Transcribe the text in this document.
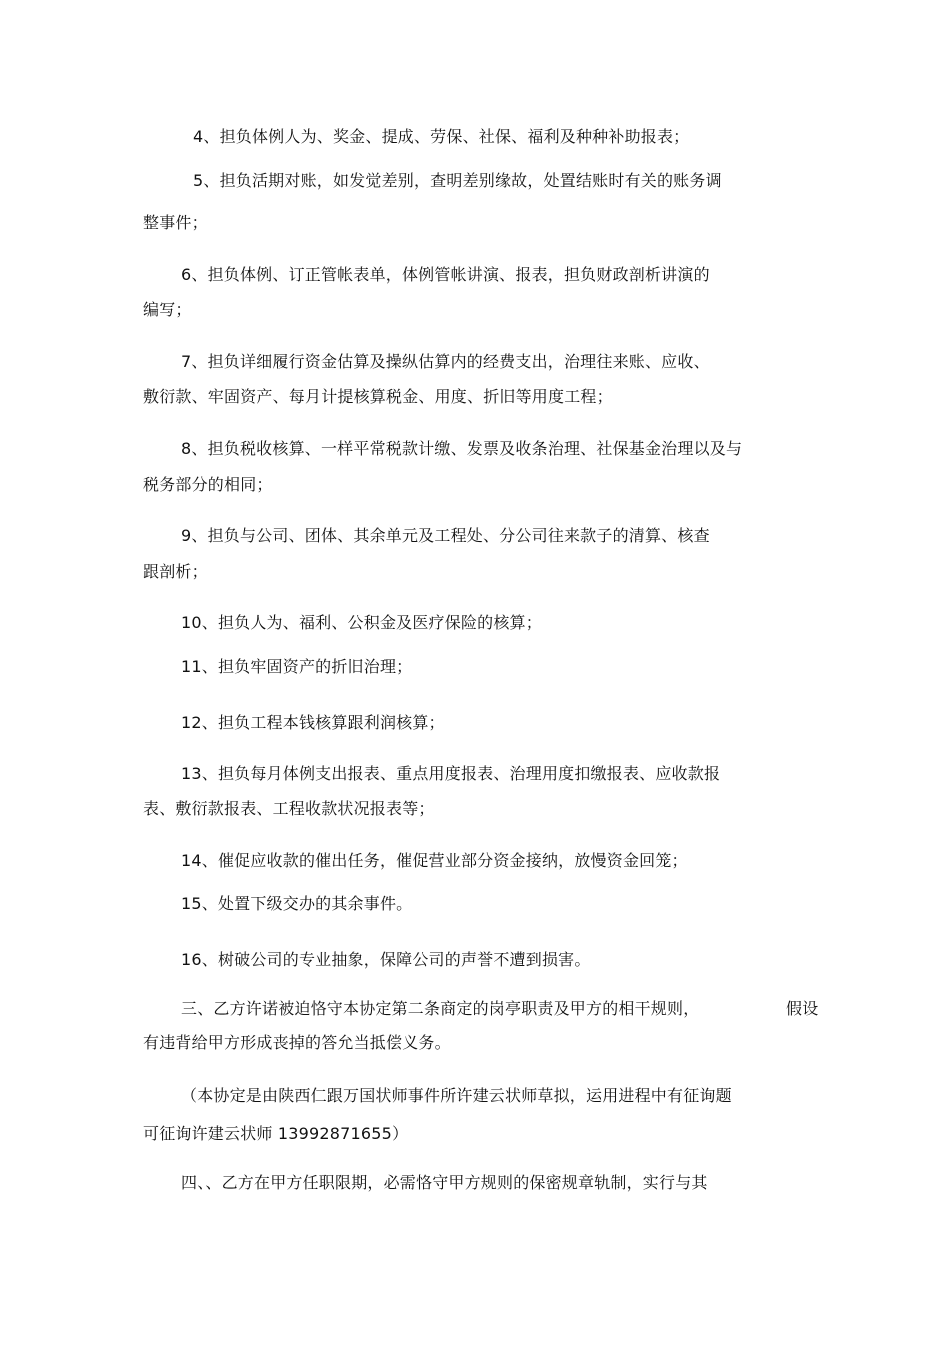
4、担负体例人为、奖金、提成、劳保、社保、福利及种种补助报表；
5、担负活期对账，如发觉差别，查明差别缘故，处置结账时有关的账务调
整事件；
6、担负体例、订正管帐表单，体例管帐讲演、报表，担负财政剖析讲演的
编写；
7、担负详细履行资金估算及操纵估算内的经费支出，治理往来账、应收、
敷衍款、牢固资产、每月计提核算税金、用度、折旧等用度工程；
8、担负税收核算、一样平常税款计缴、发票及收条治理、社保基金治理以及与
税务部分的相同；
9、担负与公司、团体、其余单元及工程处、分公司往来款子的清算、核查
跟剖析；
10、担负人为、福利、公积金及医疗保险的核算；
11、担负牢固资产的折旧治理；
12、担负工程本钱核算跟利润核算；
13、担负每月体例支出报表、重点用度报表、治理用度扣缴报表、应收款报
表、敷衍款报表、工程收款状况报表等；
14、催促应收款的催出任务，催促营业部分资金接纳，放慢资金回笼；
15、处置下级交办的其余事件。
16、树破公司的专业抽象，保障公司的声誉不遭到损害。
三、乙方许诺被迫恪守本协定第二条商定的岗亭职责及甲方的相干规则，	假设
有违背给甲方形成丧掉的答允当抵偿义务。
（本协定是由陕西仁跟万国状师事件所许建云状师草拟，运用进程中有征询题
可征询许建云状师 13992871655）
四、、乙方在甲方任职限期，必需恪守甲方规则的保密规章轨制，实行与其
